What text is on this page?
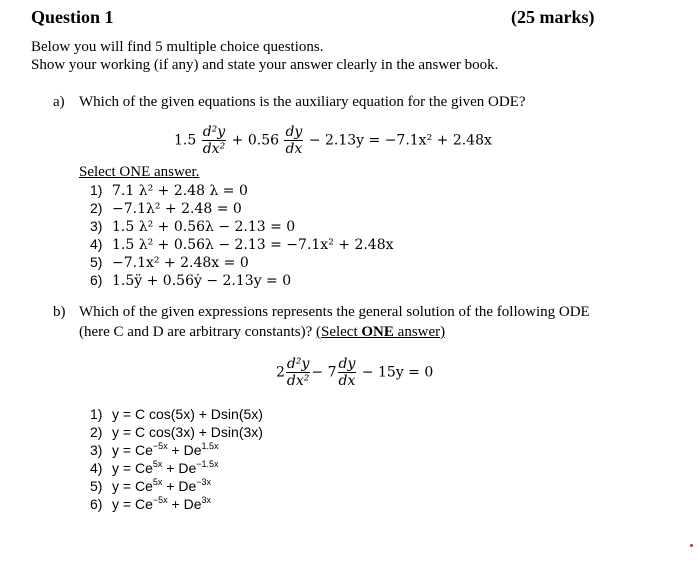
Question 1	(25 marks)
Below you will find 5 multiple choice questions.
Show your working (if any) and state your answer clearly in the answer book.
a) Which of the given equations is the auxiliary equation for the given ODE?
$1.5 \frac{\text{d²y}}{\text{dx²}} + 0.56 \frac{dy}{dx} - 2.13y = -7.1x^2 + 2.48x$
Select ONE answer.
1) 7.1 λ² + 2.48 λ = 0
2) −7.1λ² + 2.48 = 0
3) 1.5 λ² + 0.56λ − 2.13 = 0
4) 1.5 λ² + 0.56λ − 2.13 = −7.1x² + 2.48x
5) −7.1x² + 2.48x = 0
6) 1.5ÿ + 0.56ẏ − 2.13y = 0
b) Which of the given expressions represents the general solution of the following ODE
(here C and D are arbitrary constants)? (Select ONE answer)
$2 \frac{\text{d²y}}{\text{dx²}} - 7 \frac{dy}{dx} - 15y = 0$
1) y = C cos(5x) + Dsin(5x)
2) y = C cos(3x) + Dsin(3x)
3) $y = Ce^{-5x} + De^{1.5x}$
4) $y = Ce^{5x} + De^{-1.5x}$
5) $y = Ce^{5x} + De^{-3x}$
6) $y = Ce^{-5x} + De^{3x}$
